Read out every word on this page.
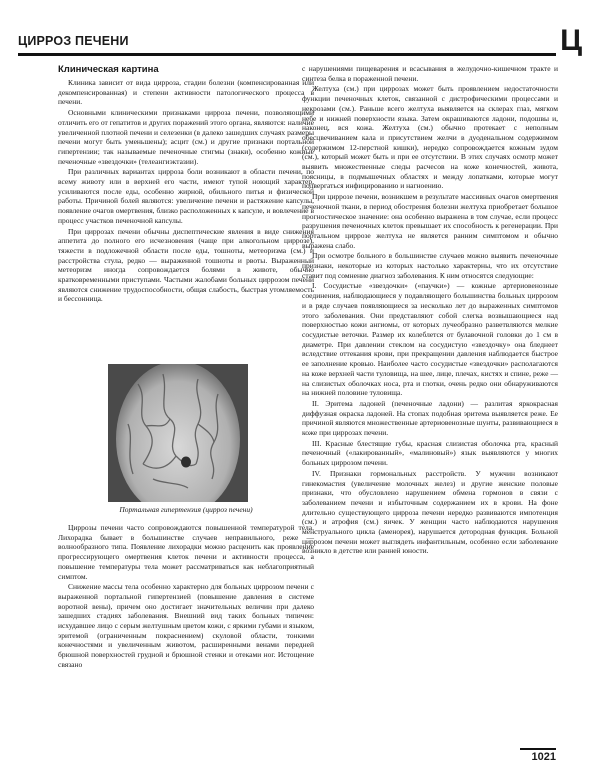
ЦИРРОЗ ПЕЧЕНИ	Ц
Клиническая картина

Клиника зависит от вида цирроза, стадии болезни (компенсированная или декомпенсированная) и степени активности патологического процесса в печени.

Основными клиническими признаками цирроза печени, позволяющими отличить его от гепатитов и других поражений этого органа, являются: наличие увеличенной плотной печени и селезенки (в далеко зашедших случаях размеры печени могут быть уменьшены); асцит (см.) и другие признаки портальной гипертензии; так называемые печеночные стигмы (знаки), особенно кожные печеночные «звездочки» (телеангиэктазии).

При различных вариантах цирроза боли возникают в области печени, по всему животу или в верхней его части, имеют тупой ноющий характер, усиливаются после еды, особенно жирной, обильного питья и физической работы. Причиной болей являются: увеличение печени и растяжение капсулы, появление очагов омертвения, близко расположенных к капсуле, и вовлечение в процесс участков печеночной капсулы.

При циррозах печени обычны диспептические явления в виде снижения аппетита до полного его исчезновения (чаще при алкогольном циррозе), тяжести в подложечной области после еды, тошноты, метеоризма (см.) и расстройства стула, редко — выраженной тошноты и рвоты. Выраженный метеоризм иногда сопровождается болями в животе, обычно кратковременными приступами. Частыми жалобами больных циррозом печени являются снижение трудоспособности, общая слабость, быстрая утомляемость и бессонница.

Портальная гипертензия (цирроз печени)

Циррозы печени часто сопровождаются повышенной температурой тела. Лихорадка бывает в большинстве случаев неправильного, реже — волнообразного типа. Появление лихорадки можно расценить как проявление прогрессирующего омертвения клеток печени и активности процесса, а повышение температуры тела может рассматриваться как неблагоприятный симптом.

Снижение массы тела особенно характерно для больных циррозом печени с выраженной портальной гипертензией (повышение давления в системе воротной вены), причем оно достигает значительных величин при далеко зашедших стадиях заболевания. Внешний вид таких больных типичен: исхудавшее лицо с серым желтушным цветом кожи, с яркими губами и языком, эритемой (ограниченным покраснением) скуловой области, тонкими конечностями и увеличенным животом, расширенными венами передней брюшной поверхностей грудной и брюшной стенки и отеками ног. Истощение связано

с нарушениями пищеварения и всасывания в желудочно-кишечном тракте и синтеза белка в пораженной печени.

Желтуха (см.) при циррозах может быть проявлением недостаточности функции печеночных клеток, связанной с дистрофическими процессами и некрозами (см.). Раньше всего желтуха выявляется на склерах глаз, мягком небе и нижней поверхности языка. Затем окрашиваются ладони, подошвы и, наконец, вся кожа. Желтуха (см.) обычно протекает с неполным обесцвечиванием кала и присутствием желчи в дуоденальном содержимом (содержимом 12-перстной кишки), нередко сопровождается кожным зудом (см.), который может быть и при ее отсутствии. В этих случаях осмотр может выявить множественные следы расчесов на коже конечностей, живота, поясницы, в подмышечных областях и между лопатками, которые могут подвергаться инфицированию и нагноению.

При циррозе печени, возникшем в результате массивных очагов омертвения печеночной ткани, в период обострения болезни желтуха приобретает большое прогностическое значение: она особенно выражена в том случае, если процесс разрушения печеночных клеток превышает их способность к регенерации. При портальном циррозе желтуха не является ранним симптомом и обычно выражена слабо.

При осмотре больного в большинстве случаев можно выявить печеночные признаки, некоторые из которых настолько характерны, что их отсутствие ставит под сомнение диагноз заболевания. К ним относятся следующие:

I. Сосудистые «звездочки» («паучки») — кожные артериовенозные соединения, наблюдающиеся у подавляющего большинства больных циррозом и в ряде случаев появляющиеся за несколько лет до выраженных симптомов этого заболевания. Они представляют собой слегка возвышающиеся над поверхностью кожи ангиомы, от которых лучеобразно разветвляются мелкие сосудистые веточки. Размер их колеблется от булавочной головки до 1 см в диаметре. При давлении стеклом на сосудистую «звездочку» она бледнеет вследствие оттекания крови, при прекращении давления наблюдается быстрое ее заполнение кровью. Наиболее часто сосудистые «звездочки» располагаются на коже верхней части туловища, на шее, лице, плечах, кистях и спине, реже — на слизистых оболочках носа, рта и глотки, очень редко они обнаруживаются на нижней половине туловища.

II. Эритема ладоней (печеночные ладони) — разлитая яркокрасная диффузная окраска ладоней. На стопах подобная эритема выявляется реже. Ее причиной являются множественные артериовенозные шунты, развивающиеся в коже при циррозах печени.

III. Красные блестящие губы, красная слизистая оболочка рта, красный печеночный («лакированный», «малиновый») язык выявляются у многих больных циррозом печени.

IV. Признаки гормональных расстройств. У мужчин возникают гинекомастия (увеличение молочных желез) и другие женские половые признаки, что обусловлено нарушением обмена гормонов в связи с заболеванием печени и избыточным содержанием их в крови. На фоне длительно существующего цирроза печени нередко развиваются импотенция (см.) и атрофия (см.) яичек. У женщин часто наблюдаются нарушения менструального цикла (аменорея), нарушается детородная функция. Больной циррозом печени может выглядеть инфантильным, особенно если заболевание возникло в детстве или ранней юности.

1021
